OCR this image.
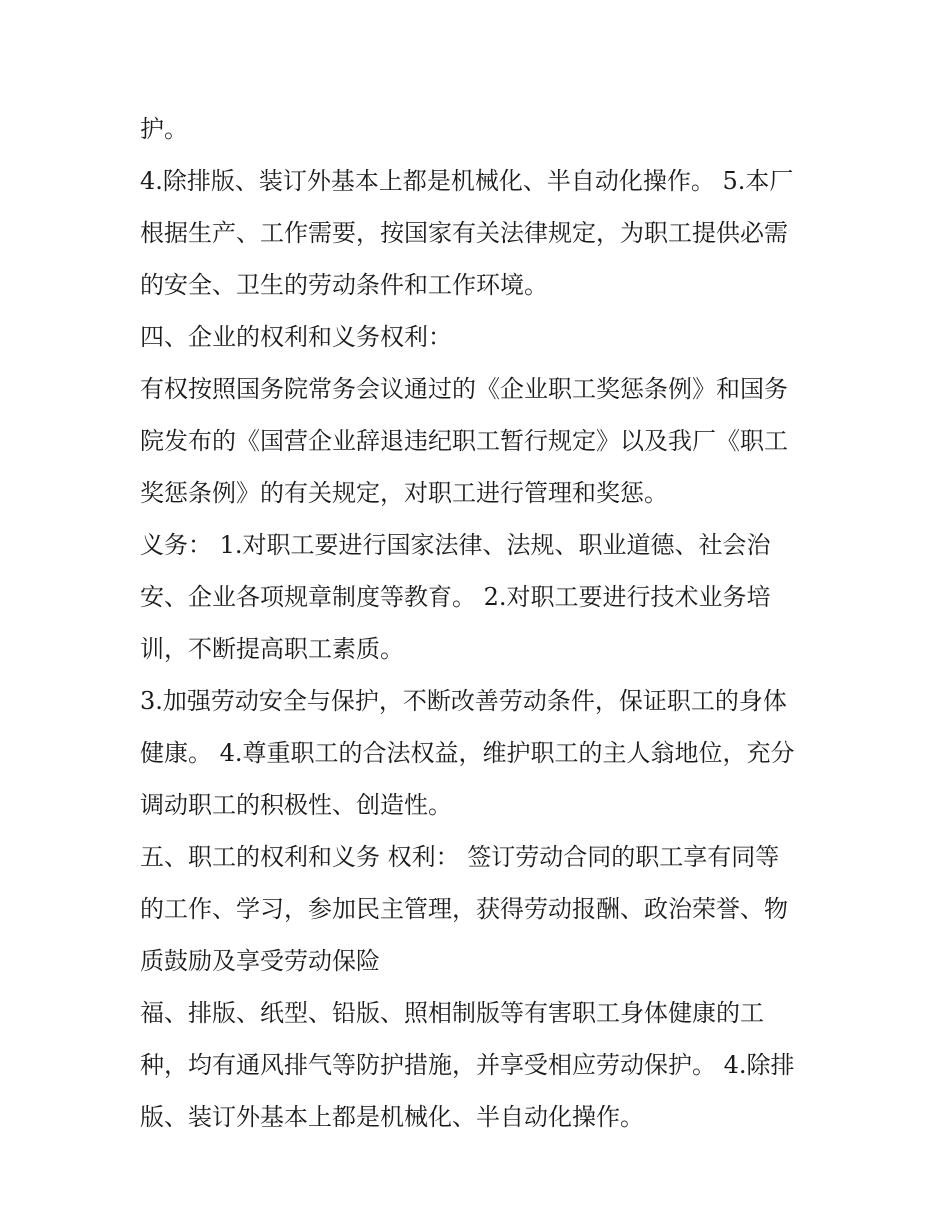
护。
4.除排版、装订外基本上都是机械化、半自动化操作。 5.本厂
根据生产、工作需要，按国家有关法律规定，为职工提供必需
的安全、卫生的劳动条件和工作环境。
四、企业的权利和义务权利：
有权按照国务院常务会议通过的《企业职工奖惩条例》和国务
院发布的《国营企业辞退违纪职工暂行规定》以及我厂《职工
奖惩条例》的有关规定，对职工进行管理和奖惩。
义务： 1.对职工要进行国家法律、法规、职业道德、社会治
安、企业各项规章制度等教育。 2.对职工要进行技术业务培
训，不断提高职工素质。
3.加强劳动安全与保护，不断改善劳动条件，保证职工的身体
健康。 4.尊重职工的合法权益，维护职工的主人翁地位，充分
调动职工的积极性、创造性。
五、职工的权利和义务 权利： 签订劳动合同的职工享有同等
的工作、学习，参加民主管理，获得劳动报酬、政治荣誉、物
质鼓励及享受劳动保险
福、排版、纸型、铅版、照相制版等有害职工身体健康的工
种，均有通风排气等防护措施，并享受相应劳动保护。 4.除排
版、装订外基本上都是机械化、半自动化操作。
